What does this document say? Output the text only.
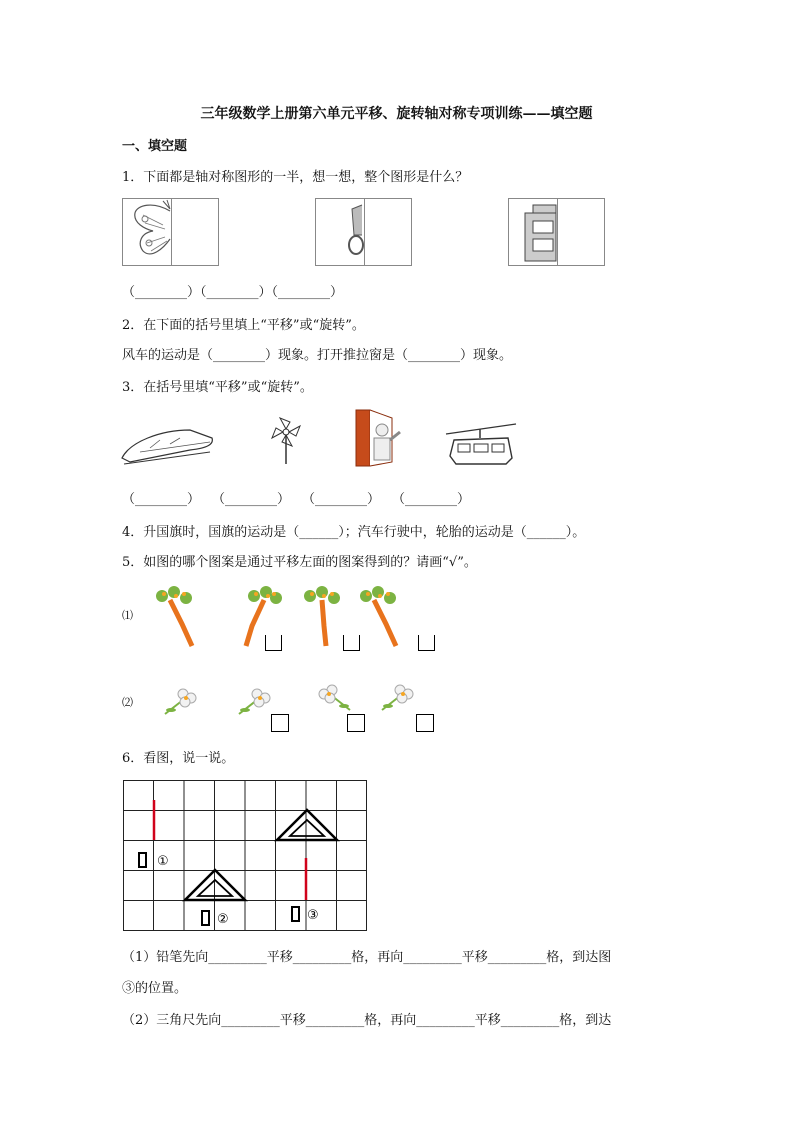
三年级数学上册第六单元平移、旋转轴对称专项训练——填空题
一、填空题
1．下面都是轴对称图形的一半，想一想，整个图形是什么？
（________）（________）（________）
2．在下面的括号里填上“平移”或“旋转”。
风车的运动是（________）现象。打开推拉窗是（________）现象。
3．在括号里填“平移”或“旋转”。
（________） （________） （________） （________）
4．升国旗时，国旗的运动是（______）；汽车行驶中，轮胎的运动是（______）。
5．如图的哪个图案是通过平移左面的图案得到的？请画“√”。
⑴
⑵
6．看图，说一说。
①
②	③
（1）铅笔先向_________平移_________格，再向_________平移_________格，到达图
③的位置。
（2）三角尺先向_________平移_________格，再向_________平移_________格，到达
